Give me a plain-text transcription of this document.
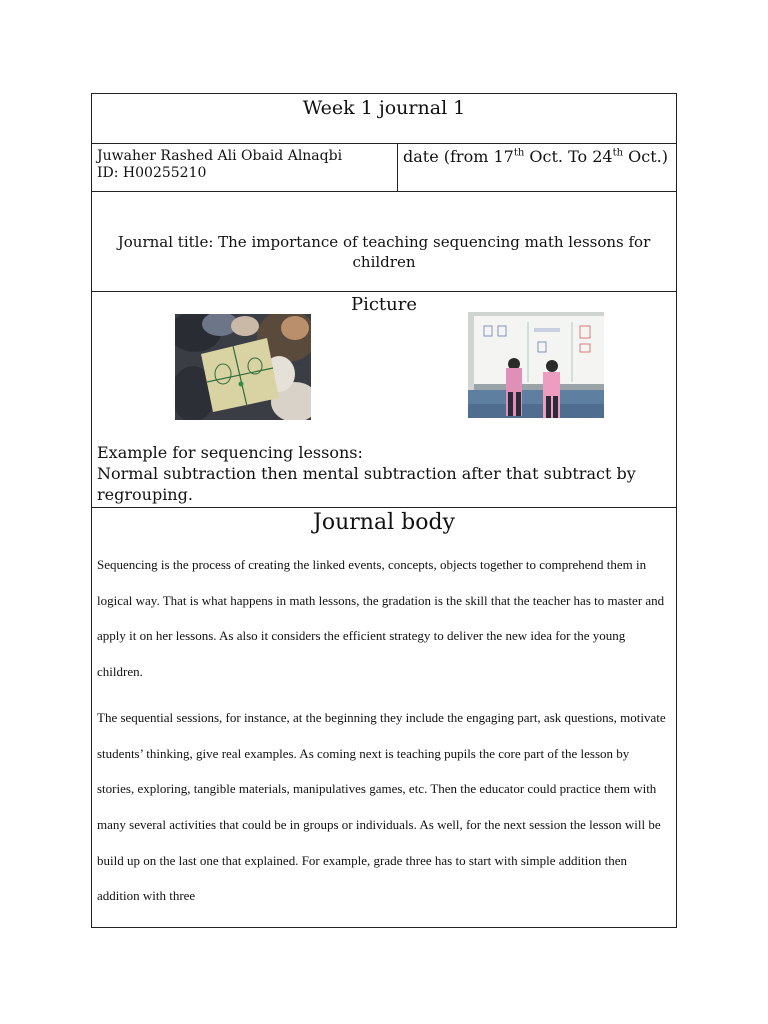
Week 1 journal 1
Juwaher Rashed Ali Obaid Alnaqbi
ID: H00255210
date (from 17th Oct. To 24th Oct.)
Journal title: The importance of teaching sequencing math lessons for children
Picture
Example for sequencing lessons:
Normal subtraction then mental subtraction after that subtract by regrouping.
Journal body

Sequencing is the process of creating the linked events, concepts, objects together to comprehend them in logical way. That is what happens in math lessons, the gradation is the skill that the teacher has to master and apply it on her lessons. As also it considers the efficient strategy to deliver the new idea for the young children.

The sequential sessions, for instance, at the beginning they include the engaging part, ask questions, motivate students’ thinking, give real examples. As coming next is teaching pupils the core part of the lesson by stories, exploring, tangible materials, manipulatives games, etc. Then the educator could practice them with many several activities that could be in groups or individuals. As well, for the next session the lesson will be build up on the last one that explained. For example, grade three has to start with simple addition then addition with three
